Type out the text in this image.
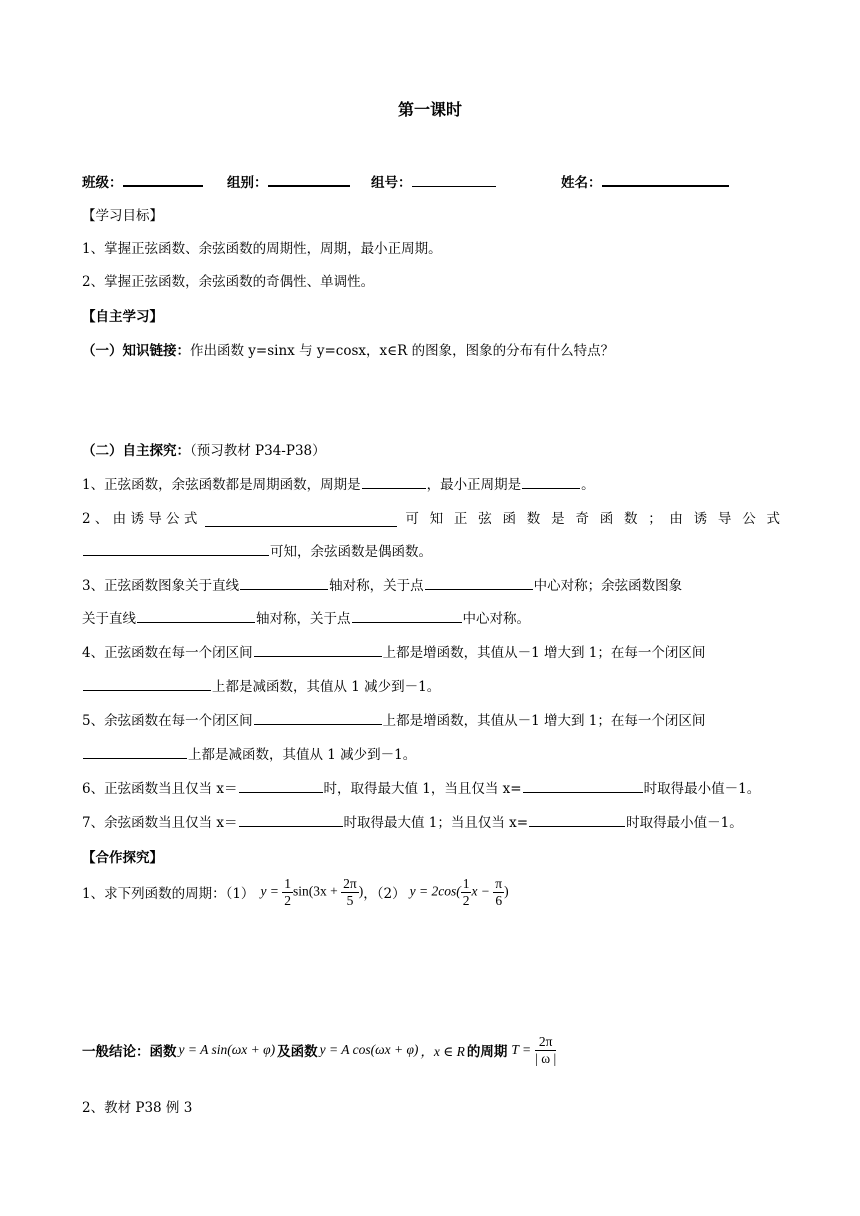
第一课时
班级：	组别：	组号：	姓名：
【学习目标】
1、掌握正弦函数、余弦函数的周期性，周期，最小正周期。
2、掌握正弦函数，余弦函数的奇偶性、单调性。
【自主学习】
（一）知识链接：作出函数 y=sinx 与 y=cosx，x∈R 的图象，图象的分布有什么特点？
（二）自主探究：（预习教材 P34-P38）
1、正弦函数，余弦函数都是周期函数，周期是	，最小正周期是	。
2 、 由 诱 导 公 式	可 知 正 弦 函 数 是 奇 函 数 ； 由 诱 导 公 式
可知，余弦函数是偶函数。
3、正弦函数图象关于直线	轴对称，关于点	中心对称；余弦函数图象
关于直线	轴对称，关于点	中心对称。
4、正弦函数在每一个闭区间	上都是增函数，其值从－1 增大到 1；在每一个闭区间
上都是减函数，其值从 1 减少到－1。
5、余弦函数在每一个闭区间	上都是增函数，其值从－1 增大到 1；在每一个闭区间
上都是减函数，其值从 1 减少到－1。
6、正弦函数当且仅当 x＝	时，取得最大值 1，当且仅当 x=	时取得最小值－1。
7、余弦函数当且仅当 x＝	时取得最大值 1；当且仅当 x=	时取得最小值－1。
【合作探究】
1、求下列函数的周期：（1） $y = \frac{1}{2} \sin(3x + \frac{2\pi}{5}$ ) ，（2） $y = 2\cos( \frac{1}{2}$ $x - \frac{\pi}{6}$ )
一般结论：函数 y = A sin(ωx + φ) 及函数 y = A cos(ωx + φ) ，x ∈ R 的周期 $T = \frac{2\pi}{| \omega |}$
2、教材 P38 例 3
